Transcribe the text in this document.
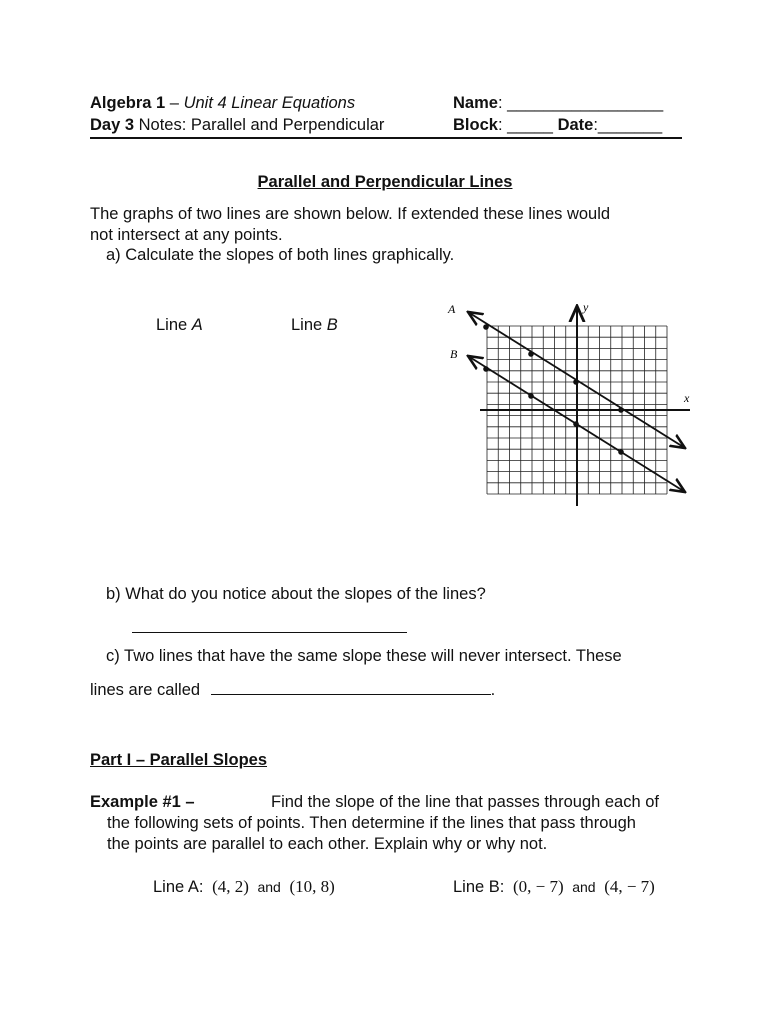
Algebra 1 – Unit 4 Linear Equations
Day 3 Notes: Parallel and Perpendicular
Name: _________________
Block: _____ Date:_______
Parallel and Perpendicular Lines
The graphs of two lines are shown below. If extended these lines would
not intersect at any points.
a) Calculate the slopes of both lines graphically.
Line A	Line B
A
B
x
y
b) What do you notice about the slopes of the lines?
c) Two lines that have the same slope these will never intersect. These
lines are called	.
Part I – Parallel Slopes
Example #1 –	Find the slope of the line that passes through each of
the following sets of points. Then determine if the lines that pass through
the points are parallel to each other. Explain why or why not.
Line A: (4, 2) and (10, 8)	Line B: (0, − 7) and (4, − 7)
